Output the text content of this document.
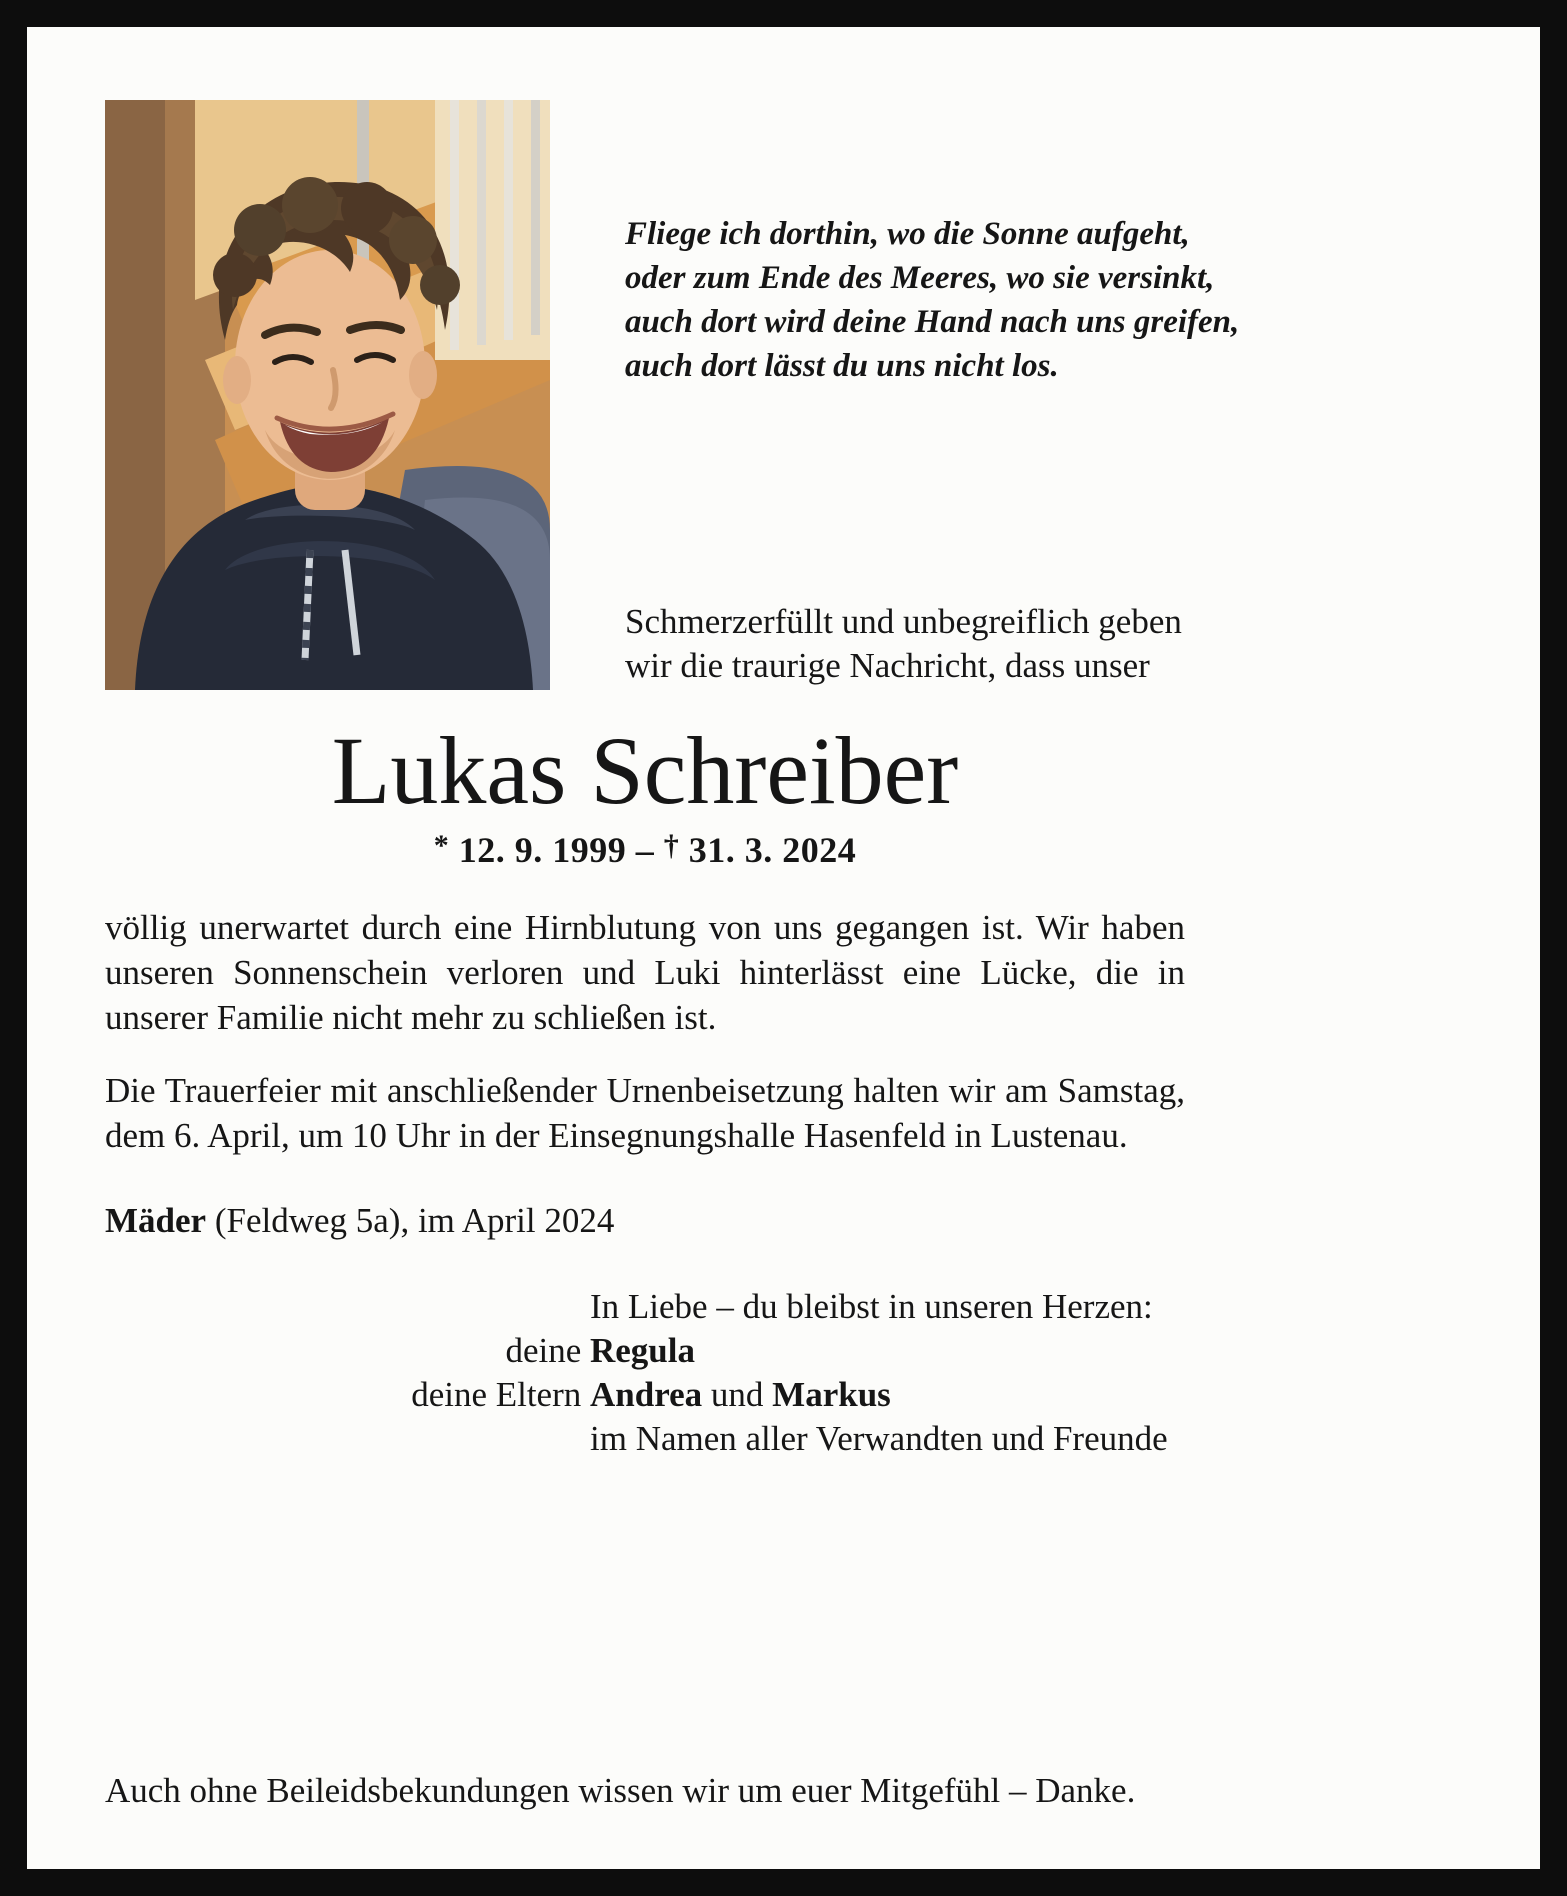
Fliege ich dorthin, wo die Sonne aufgeht,
oder zum Ende des Meeres, wo sie versinkt,
auch dort wird deine Hand nach uns greifen,
auch dort lässt du uns nicht los.
Schmerzerfüllt und unbegreiflich geben
wir die traurige Nachricht, dass unser
Lukas Schreiber
* 12. 9. 1999 – † 31. 3. 2024
völlig unerwartet durch eine Hirnblutung von uns gegangen ist. Wir haben unseren Sonnenschein verloren und Luki hinterlässt eine Lücke, die in unserer Familie nicht mehr zu schließen ist.
Die Trauerfeier mit anschließender Urnenbeisetzung halten wir am Samstag, dem 6. April, um 10 Uhr in der Einsegnungshalle Hasenfeld in Lustenau.
Mäder (Feldweg 5a), im April 2024
In Liebe – du bleibst in unseren Herzen:
deine Regula
deine Eltern Andrea und Markus
im Namen aller Verwandten und Freunde
Auch ohne Beileidsbekundungen wissen wir um euer Mitgefühl – Danke.
